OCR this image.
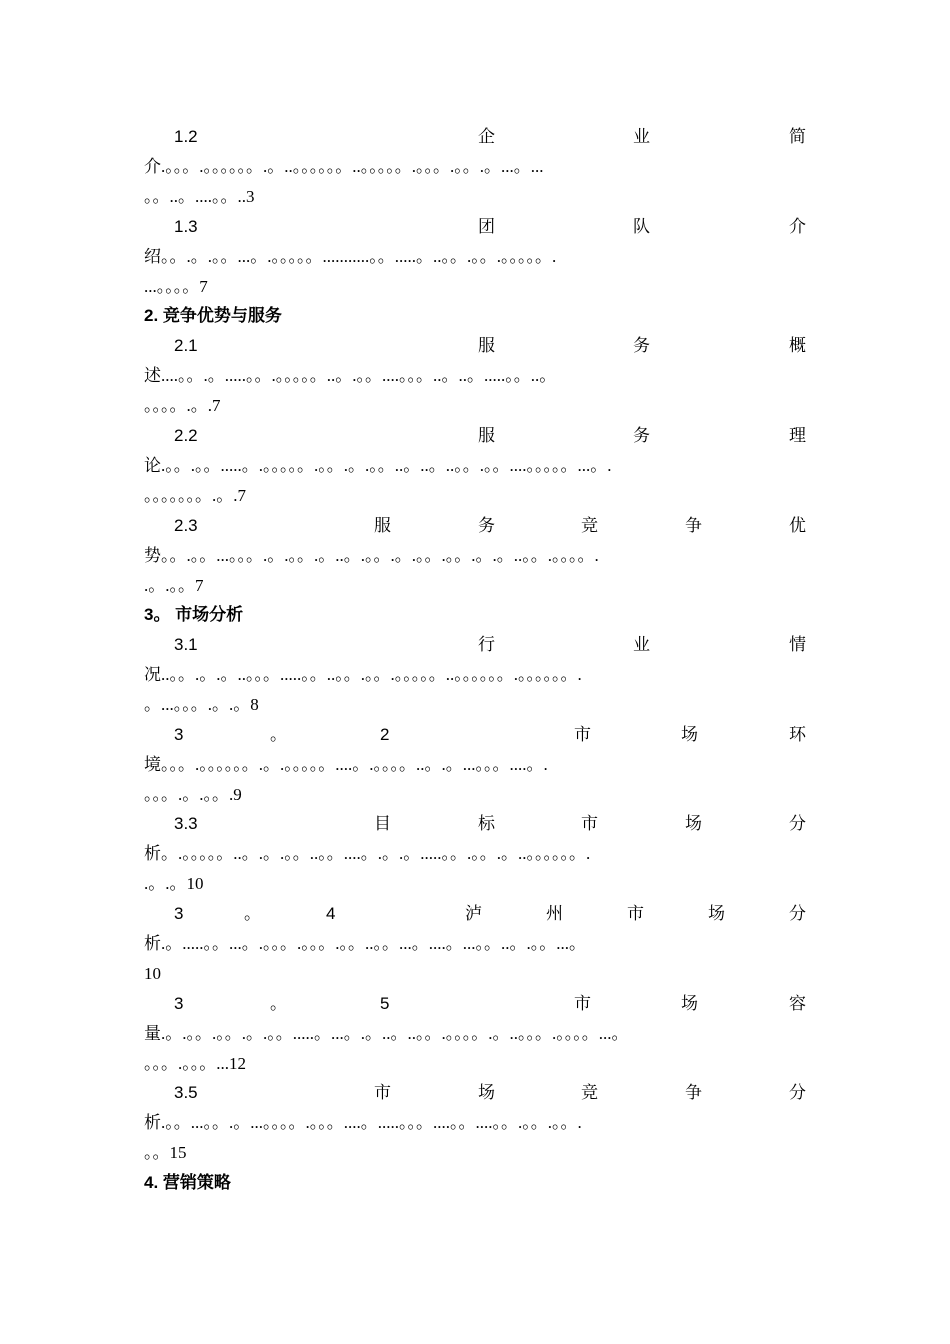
1.2	企	业	简
介.。。。.。。。。。。.。..。。。。。。..。。。。。.。。。.。。.。...。...
。。..。....。。..3
1.3	团	队	介
绍。。.。.。。...。.。。。。。...........。。.....。..。。.。。.。。。。。.
...。。。。7
2. 竞争优势与服务
2.1	服	务	概
述....。。.。.....。。.。。。。。..。.。。....。。。..。..。.....。。..。
。。。。.。.7
2.2	服	务	理
论.。。.。。.....。.。。。。。.。。.。.。。..。..。..。。.。。....。。。。。...。.
。。。。。。。.。.7
2.3	服	务	竞	争	优
势。。.。。...。。。.。.。。.。..。.。。.。.。。.。。.。.。..。。.。。。。.
.。.。。7
3。 市场分析
3.1	行	业	情
况..。。.。.。..。。。.....。。..。。.。。.。。。。。..。。。。。。.。。。。。。.
。...。。。.。.。8
3	。	2	市	场	环
境。。。.。。。。。。.。.。。。。。....。.。。。。..。.。...。。。....。.
。。。.。.。。.9
3.3	目	标	市	场	分
析。.。。。。。..。.。.。。..。。....。.。.。.....。。.。。.。..。。。。。。.
.。.。10
3	。	4	泸	州	市	场	分
析.。.....。。...。.。。。.。。。.。。..。。...。....。...。。..。.。。...。
10
3	。	5	市	场	容
量.。.。。.。。.。.。。.....。...。.。..。..。。.。。。。.。..。。。.。。。。...。
。。。.。。。...12
3.5	市	场	竞	争	分
析.。。...。。.。...。。。。.。。。....。.....。。。....。。....。。.。。.。。.
。。15
4. 营销策略
